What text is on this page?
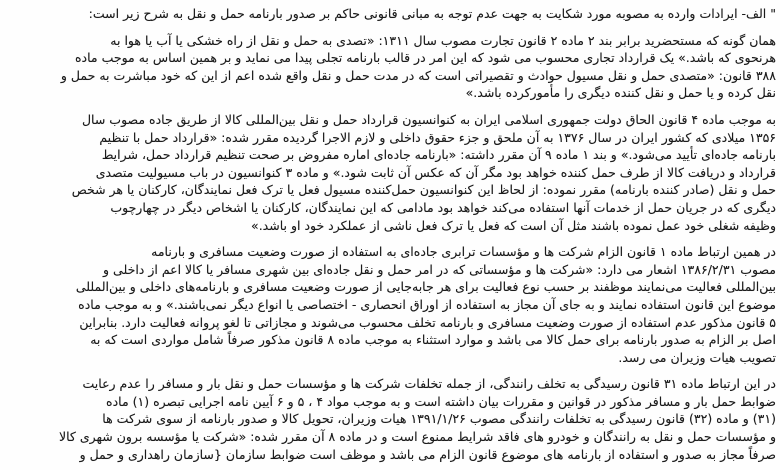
" الف- ایرادات وارده به مصوبه مورد شکایت به جهت عدم توجه به مبانی قانونی حاکم بر صدور بارنامه حمل و نقل به شرح زیر است:
همان گونه که مستحضرید برابر بند ۲ ماده ۲ قانون تجارت مصوب سال ۱۳۱۱: «تصدی به حمل و نقل از راه خشکی یا آب یا هوا به
هرنحوی که باشد.» یک قرارداد تجاری محسوب می شود که این امر در قالب بارنامه تجلی پیدا می نماید و بر همین اساس به موجب ماده
۳۸۸ قانون: «متصدی حمل و نقل مسیول حوادث و تقصیراتی است که در مدت حمل و نقل واقع شده اعم از این که خود مباشرت به حمل و
نقل کرده و یا حمل و نقل کننده دیگری را مأمورکرده باشد.»
به موجب ماده ۴ قانون الحاق دولت جمهوری اسلامی ایران به کنوانسیون قرارداد حمل و نقل بین‌المللی کالا از طریق جاده مصوب سال
۱۳۵۶ میلادی که کشور ایران در سال ۱۳۷۶ به آن ملحق و جزء حقوق داخلی و لازم الاجرا گردیده مقرر شده: «قرارداد حمل با تنظیم
بارنامه جاده‌ای تأیید می‌شود.» و بند ۱ ماده ۹ آن مقرر داشته: «بارنامه جاده‌ای اماره مفروض بر صحت تنظیم قرارداد حمل، شرایط
قرارداد و دریافت کالا از طرف حمل کننده خواهد بود مگر آن که عکس آن ثابت شود.» و ماده ۳ کنوانسیون در باب مسیولیت متصدی
حمل و نقل (صادر کننده بارنامه) مقرر نموده: از لحاظ این کنوانسیون حمل‌کننده مسیول فعل یا ترک فعل نمایندگان، کارکنان یا هر شخص
دیگری که در جریان حمل از خدمات آنها استفاده می‌کند خواهد بود مادامی که این نمایندگان، کارکنان یا اشخاص دیگر در چهارچوب
وظیفه شغلی خود عمل نموده باشند مثل آن است که فعل یا ترک فعل ناشی از عملکرد خود او باشد.»
در همین ارتباط ماده ۱ قانون الزام شرکت ها و مؤسسات ترابری جاده‌ای به استفاده از صورت وضعیت مسافری و بارنامه
مصوب ۱۳۸۶/۲/۳۱ اشعار می دارد: «شرکت ها و مؤسساتی که در امر حمل و نقل جاده‌ای بین شهری مسافر یا کالا اعم از داخلی و
بین‌المللی فعالیت می‌نمایند موظفند بر حسب نوع فعالیت برای هر جابه‌جایی از صورت وضعیت مسافری و بارنامه‌های داخلی و بین‌المللی
موضوع این قانون استفاده نمایند و به جای آن مجاز به استفاده از اوراق انحصاری - اختصاصی یا انواع دیگر نمی‌باشند.» و به موجب ماده
۵ قانون مذکور عدم استفاده از صورت وضعیت مسافری و بارنامه تخلف محسوب می‌شوند و مجازاتی تا لغو پروانه فعالیت دارد. بنابراین
اصل بر الزام به صدور بارنامه برای حمل کالا می باشد و موارد استثناء به موجب ماده ۸ قانون مذکور صرفاً شامل مواردی است که به
تصویب هیات وزیران می رسد.
در این ارتباط ماده ۳۱ قانون رسیدگی به تخلف رانندگی، از جمله تخلفات شرکت ها و مؤسسات حمل و نقل بار و مسافر را عدم رعایت
ضوابط حمل بار و مسافر مذکور در قوانین و مقررات بیان داشته است و به موجب مواد ۴ ، ۵ و ۶ آیین نامه اجرایی تبصره (۱) ماده
(۳۱) و ماده (۳۲) قانون رسیدگی به تخلفات رانندگی مصوب ۱۳۹۱/۱/۲۶ هیات وزیران، تحویل کالا و صدور بارنامه از سوی شرکت ها
و مؤسسات حمل و نقل به رانندگان و خودرو های فاقد شرایط ممنوع است و در ماده ۸ آن مقرر شده: «شرکت یا مؤسسه برون شهری کالا
صرفاً مجاز به صدور و استفاده از بارنامه های موضوع قانون الزام می باشد و موظف است ضوابط سازمان {سازمان راهداری و حمل و
